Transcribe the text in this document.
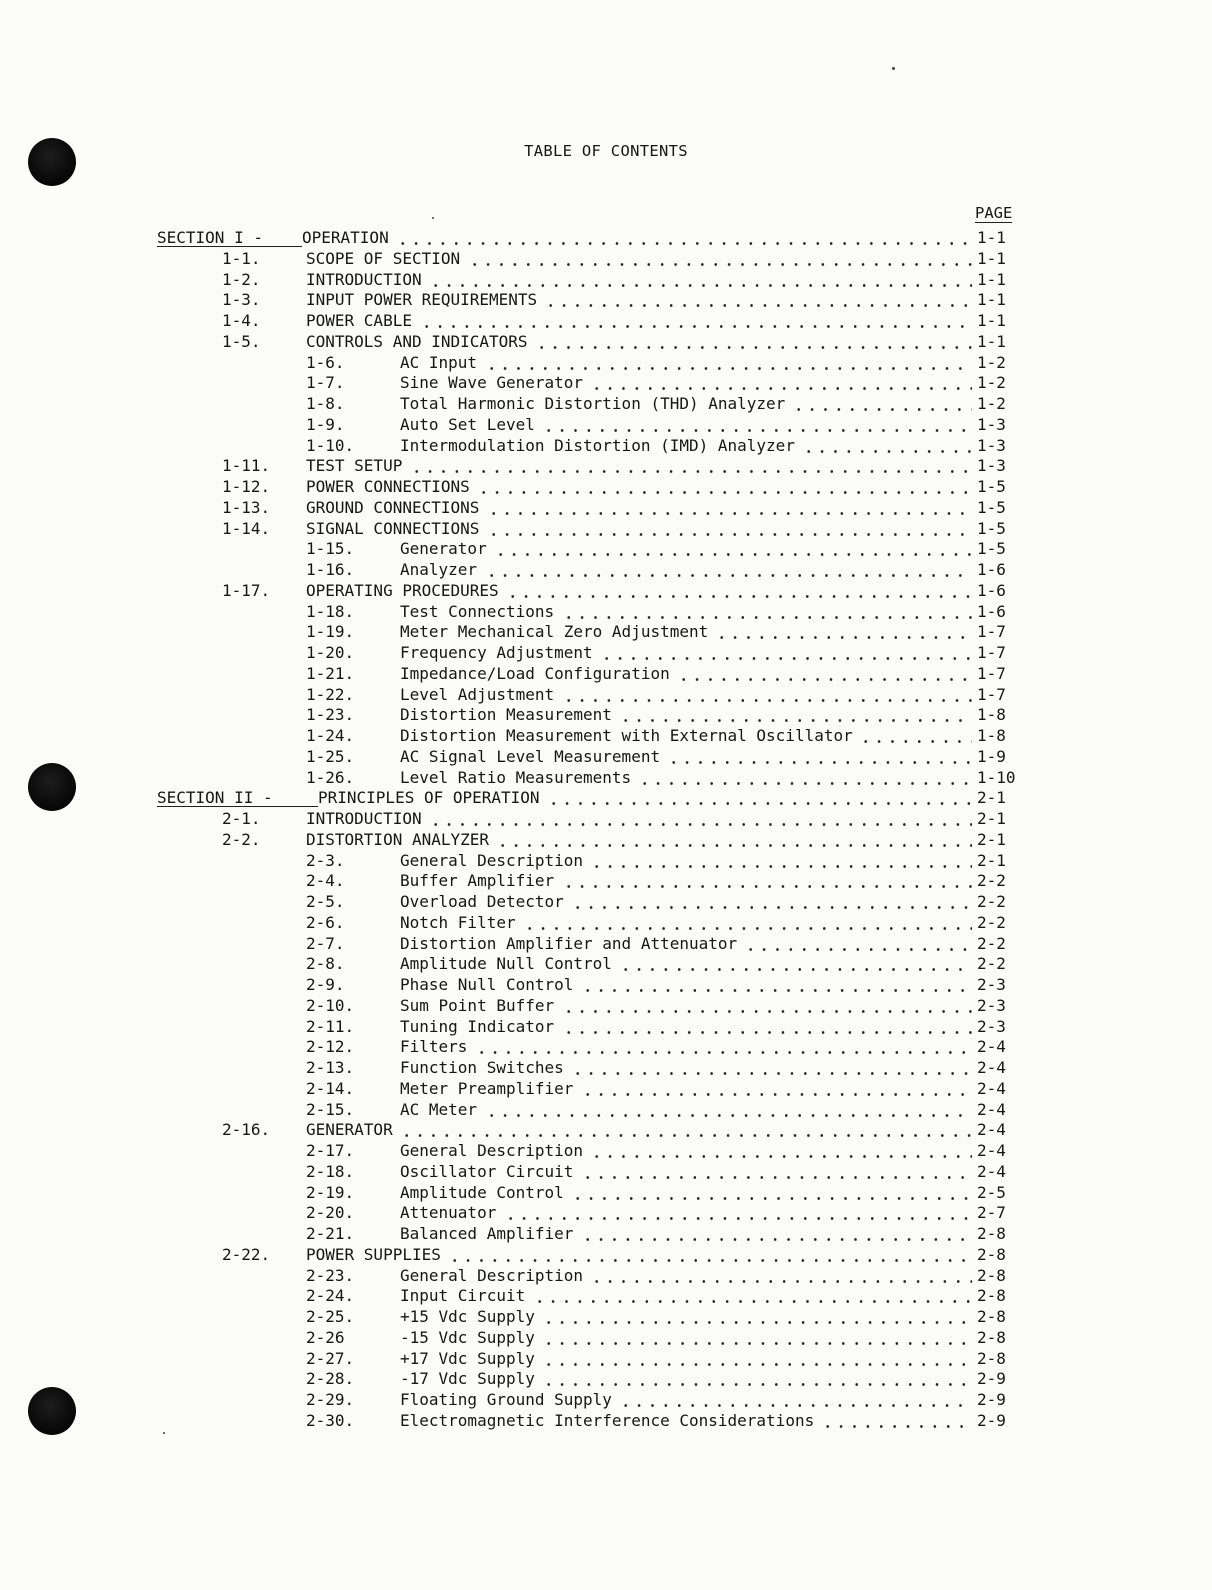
TABLE OF CONTENTS
PAGE
SECTION I - OPERATION	1-1
1-1.	SCOPE OF SECTION	1-1
1-2.	INTRODUCTION	1-1
1-3.	INPUT POWER REQUIREMENTS	1-1
1-4.	POWER CABLE	1-1
1-5.	CONTROLS AND INDICATORS	1-1
1-6.	AC Input	1-2
1-7.	Sine Wave Generator	1-2
1-8.	Total Harmonic Distortion (THD) Analyzer	1-2
1-9.	Auto Set Level	1-3
1-10.	Intermodulation Distortion (IMD) Analyzer	1-3
1-11. TEST SETUP	1-3
1-12. POWER CONNECTIONS	1-5
1-13. GROUND CONNECTIONS	1-5
1-14. SIGNAL CONNECTIONS	1-5
1-15.	Generator	1-5
1-16.	Analyzer	1-6
1-17. OPERATING PROCEDURES	1-6
1-18.	Test Connections	1-6
1-19.	Meter Mechanical Zero Adjustment	1-7
1-20.	Frequency Adjustment	1-7
1-21.	Impedance/Load Configuration	1-7
1-22.	Level Adjustment	1-7
1-23.	Distortion Measurement	1-8
1-24.	Distortion Measurement with External Oscillator	1-8
1-25.	AC Signal Level Measurement	1-9
1-26.	Level Ratio Measurements	1-10
SECTION II -	PRINCIPLES OF OPERATION	2-1
2-1.	INTRODUCTION	2-1
2-2.	DISTORTION ANALYZER	2-1
2-3.	General Description	2-1
2-4.	Buffer Amplifier	2-2
2-5.	Overload Detector	2-2
2-6.	Notch Filter	2-2
2-7.	Distortion Amplifier and Attenuator	2-2
2-8.	Amplitude Null Control	2-2
2-9.	Phase Null Control	2-3
2-10.	Sum Point Buffer	2-3
2-11.	Tuning Indicator	2-3
2-12.	Filters	2-4
2-13.	Function Switches	2-4
2-14.	Meter Preamplifier	2-4
2-15.	AC Meter	2-4
2-16. GENERATOR	2-4
2-17.	General Description	2-4
2-18.	Oscillator Circuit	2-4
2-19.	Amplitude Control	2-5
2-20.	Attenuator	2-7
2-21.	Balanced Amplifier	2-8
2-22. POWER SUPPLIES	2-8
2-23.	General Description	2-8
2-24.	Input Circuit	2-8
2-25.	+15 Vdc Supply	2-8
2-26	-15 Vdc Supply	2-8
2-27.	+17 Vdc Supply	2-8
2-28.	-17 Vdc Supply	2-9
2-29.	Floating Ground Supply	2-9
2-30.	Electromagnetic Interference Considerations	2-9
